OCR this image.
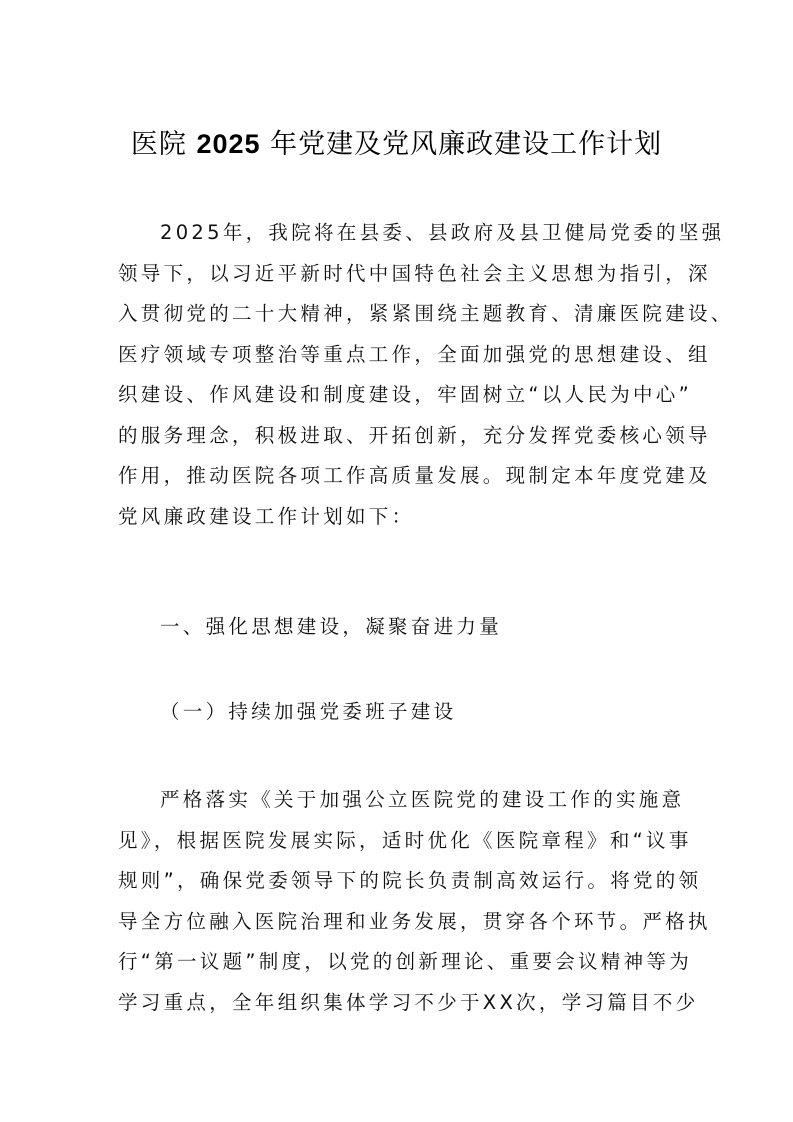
医院 2025 年党建及党风廉政建设工作计划
2025年，我院将在县委、县政府及县卫健局党委的坚强
领导下，以习近平新时代中国特色社会主义思想为指引，深
入贯彻党的二十大精神，紧紧围绕主题教育、清廉医院建设、
医疗领域专项整治等重点工作，全面加强党的思想建设、组
织建设、作风建设和制度建设，牢固树立“以人民为中心”
的服务理念，积极进取、开拓创新，充分发挥党委核心领导
作用，推动医院各项工作高质量发展。现制定本年度党建及
党风廉政建设工作计划如下：
一、强化思想建设，凝聚奋进力量
（一）持续加强党委班子建设
严格落实《关于加强公立医院党的建设工作的实施意
见》，根据医院发展实际，适时优化《医院章程》和“议事
规则”，确保党委领导下的院长负责制高效运行。将党的领
导全方位融入医院治理和业务发展，贯穿各个环节。严格执
行“第一议题”制度，以党的创新理论、重要会议精神等为
学习重点，全年组织集体学习不少于XX次，学习篇目不少
